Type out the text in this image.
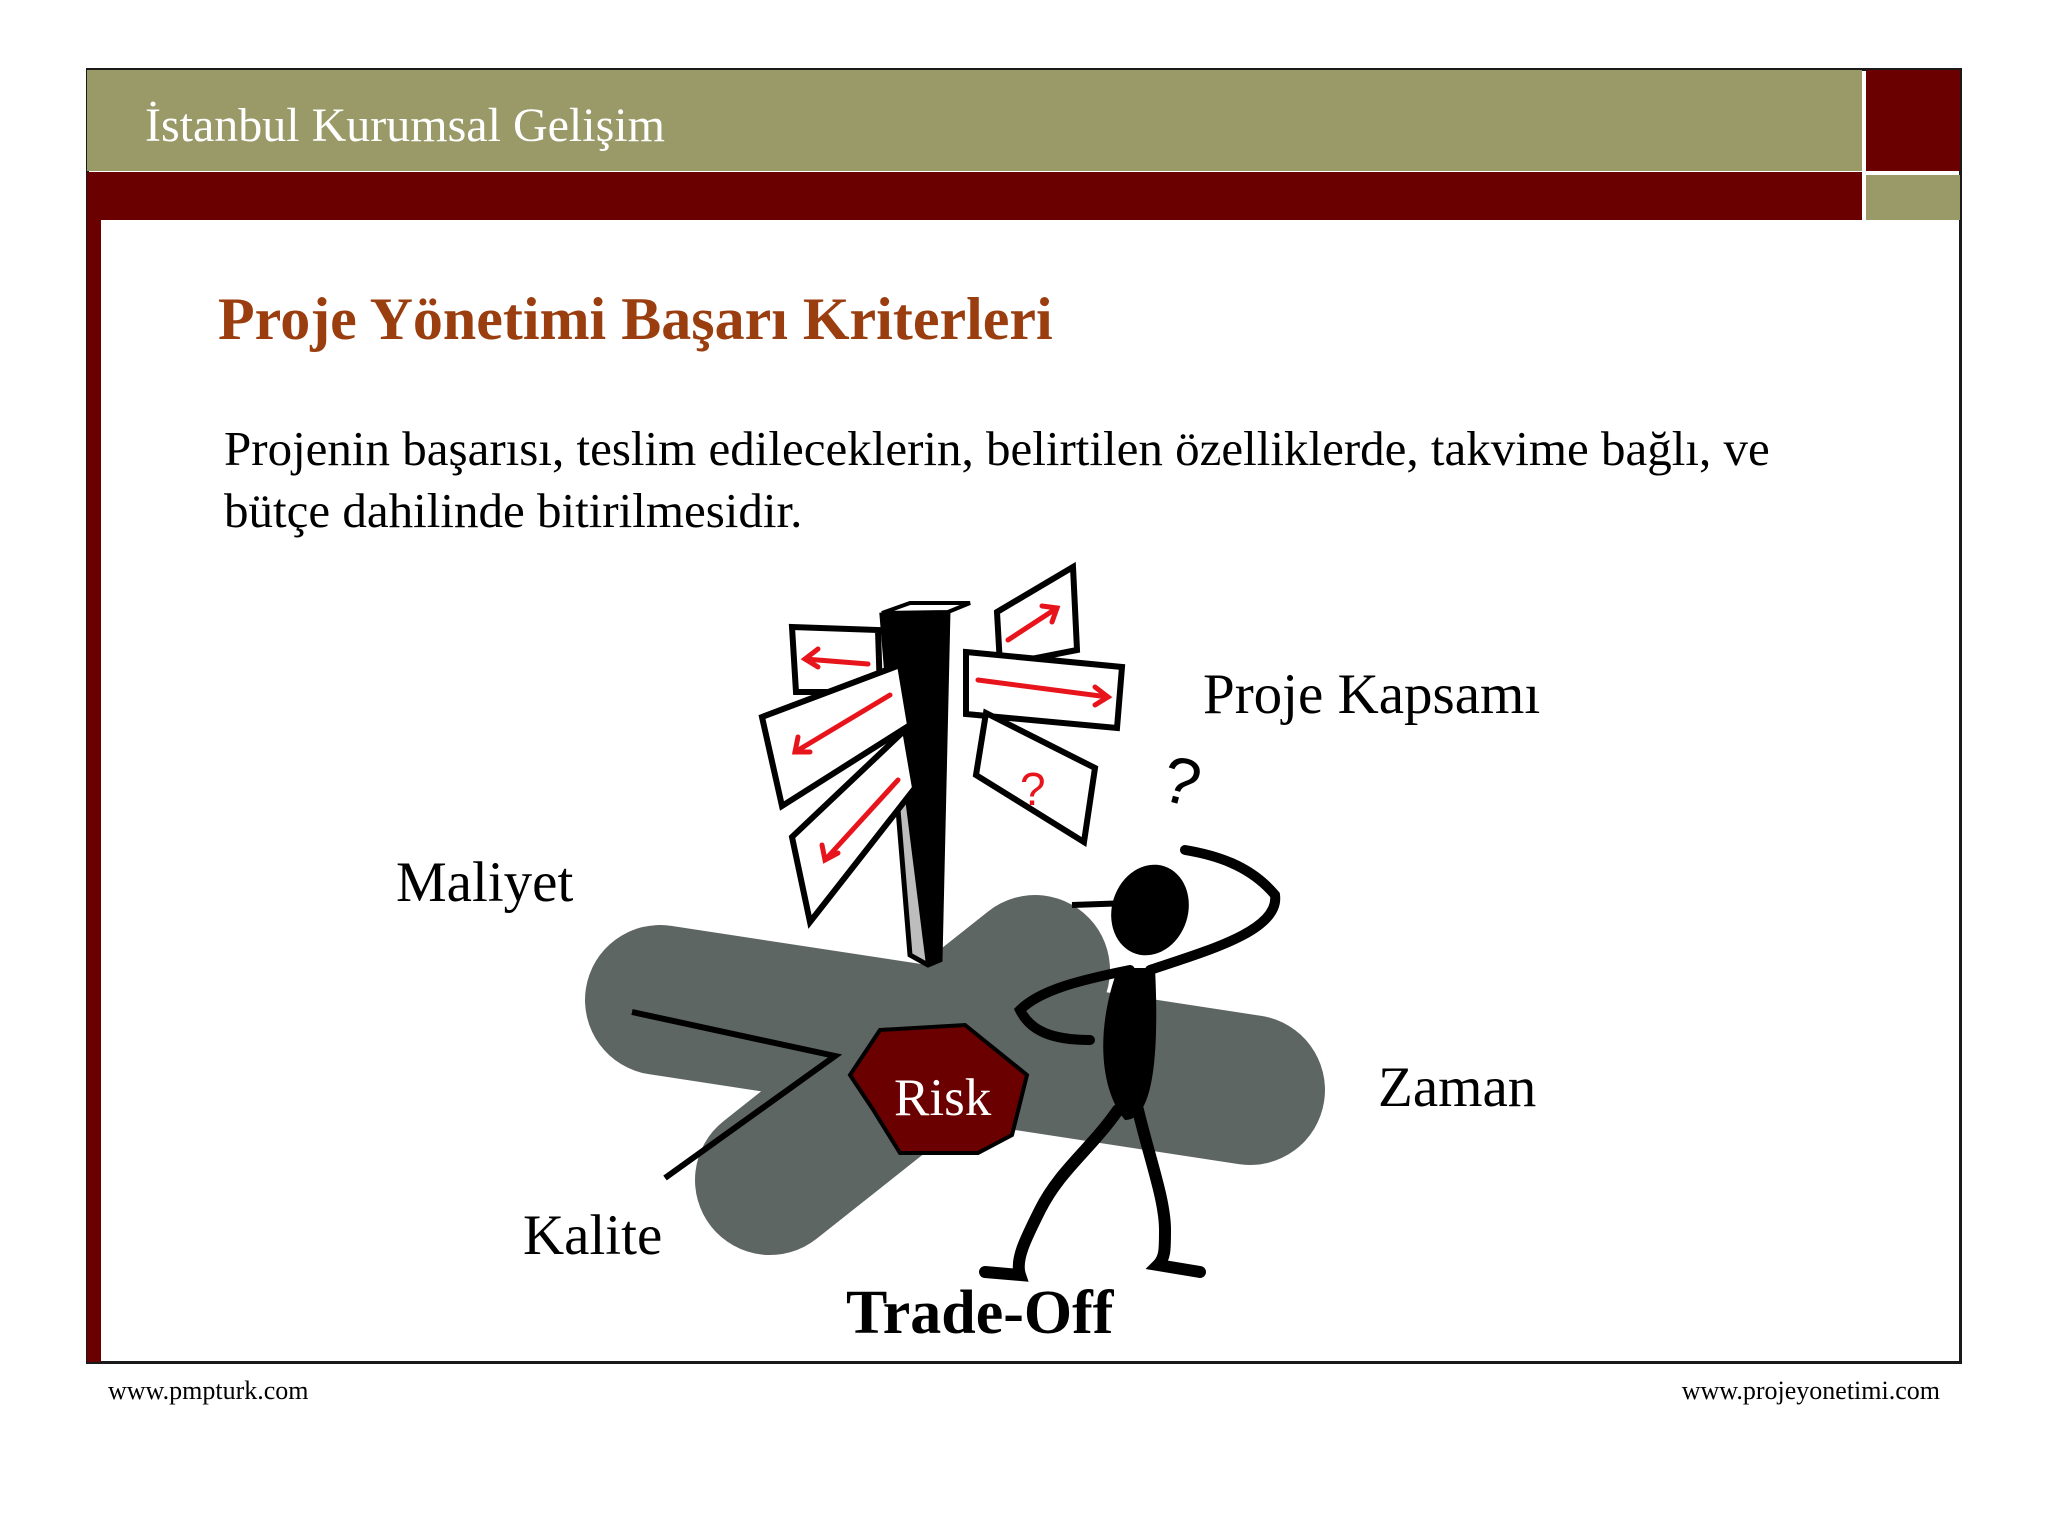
İstanbul Kurumsal Gelişim
Proje Yönetimi Başarı Kriterleri
Projenin başarısı, teslim edileceklerin, belirtilen özelliklerde, takvime bağlı, ve bütçe dahilinde bitirilmesidir.
? ?
Proje Kapsamı
Maliyet
Zaman
Kalite
Risk
Trade-Off
www.pmpturk.com	www.projeyonetimi.com
